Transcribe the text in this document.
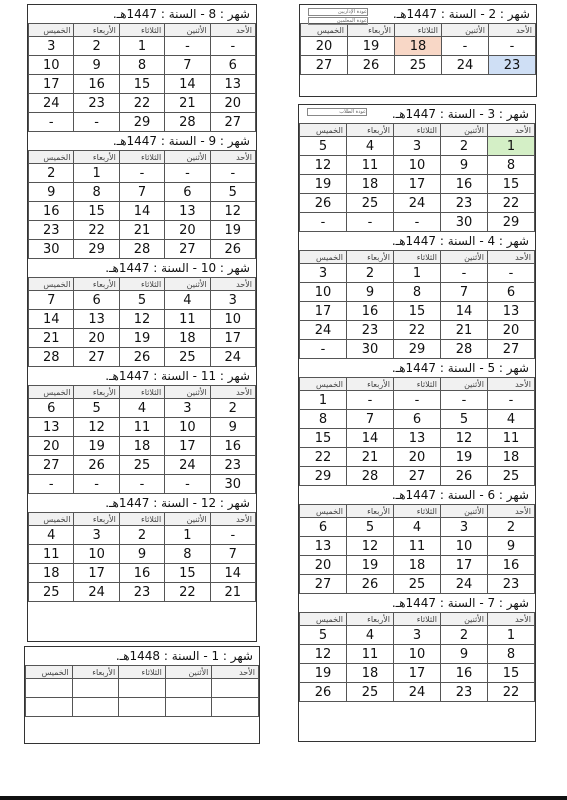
شهر : 8 - السنة : 1447هـ.
الأحد	الأثنين	الثلاثاء	الأربعاء	الخميس
-	-	1	2	3
6	7	8	9	10
13	14	15	16	17
20	21	22	23	24
27	28	29	-	-
شهر : 9 - السنة : 1447هـ.
الأحد	الأثنين	الثلاثاء	الأربعاء	الخميس
-	-	-	1	2
5	6	7	8	9
12	13	14	15	16
19	20	21	22	23
26	27	28	29	30
شهر : 10 - السنة : 1447هـ.
الأحد	الأثنين	الثلاثاء	الأربعاء	الخميس
3	4	5	6	7
10	11	12	13	14
17	18	19	20	21
24	25	26	27	28
شهر : 11 - السنة : 1447هـ.
الأحد	الأثنين	الثلاثاء	الأربعاء	الخميس
2	3	4	5	6
9	10	11	12	13
16	17	18	19	20
23	24	25	26	27
30	-	-	-	-
شهر : 12 - السنة : 1447هـ.
الأحد	الأثنين	الثلاثاء	الأربعاء	الخميس
-	1	2	3	4
7	8	9	10	11
14	15	16	17	18
21	22	23	24	25
شهر : 1 - السنة : 1448هـ.
الأحد	الأثنين	الثلاثاء	الأربعاء	الخميس

شهر : 2 - السنة : 1447هـ.
عودة الإداريين
عودة المعلمين
الأحد	الأثنين	الثلاثاء	الأربعاء	الخميس
-	-	18	19	20
23	24	25	26	27
شهر : 3 - السنة : 1447هـ.
عودة الطلاب
الأحد	الأثنين	الثلاثاء	الأربعاء	الخميس
1	2	3	4	5
8	9	10	11	12
15	16	17	18	19
22	23	24	25	26
29	30	-	-	-
شهر : 4 - السنة : 1447هـ.
الأحد	الأثنين	الثلاثاء	الأربعاء	الخميس
-	-	1	2	3
6	7	8	9	10
13	14	15	16	17
20	21	22	23	24
27	28	29	30	-
شهر : 5 - السنة : 1447هـ.
الأحد	الأثنين	الثلاثاء	الأربعاء	الخميس
-	-	-	-	1
4	5	6	7	8
11	12	13	14	15
18	19	20	21	22
25	26	27	28	29
شهر : 6 - السنة : 1447هـ.
الأحد	الأثنين	الثلاثاء	الأربعاء	الخميس
2	3	4	5	6
9	10	11	12	13
16	17	18	19	20
23	24	25	26	27
شهر : 7 - السنة : 1447هـ.
الأحد	الأثنين	الثلاثاء	الأربعاء	الخميس
1	2	3	4	5
8	9	10	11	12
15	16	17	18	19
22	23	24	25	26
